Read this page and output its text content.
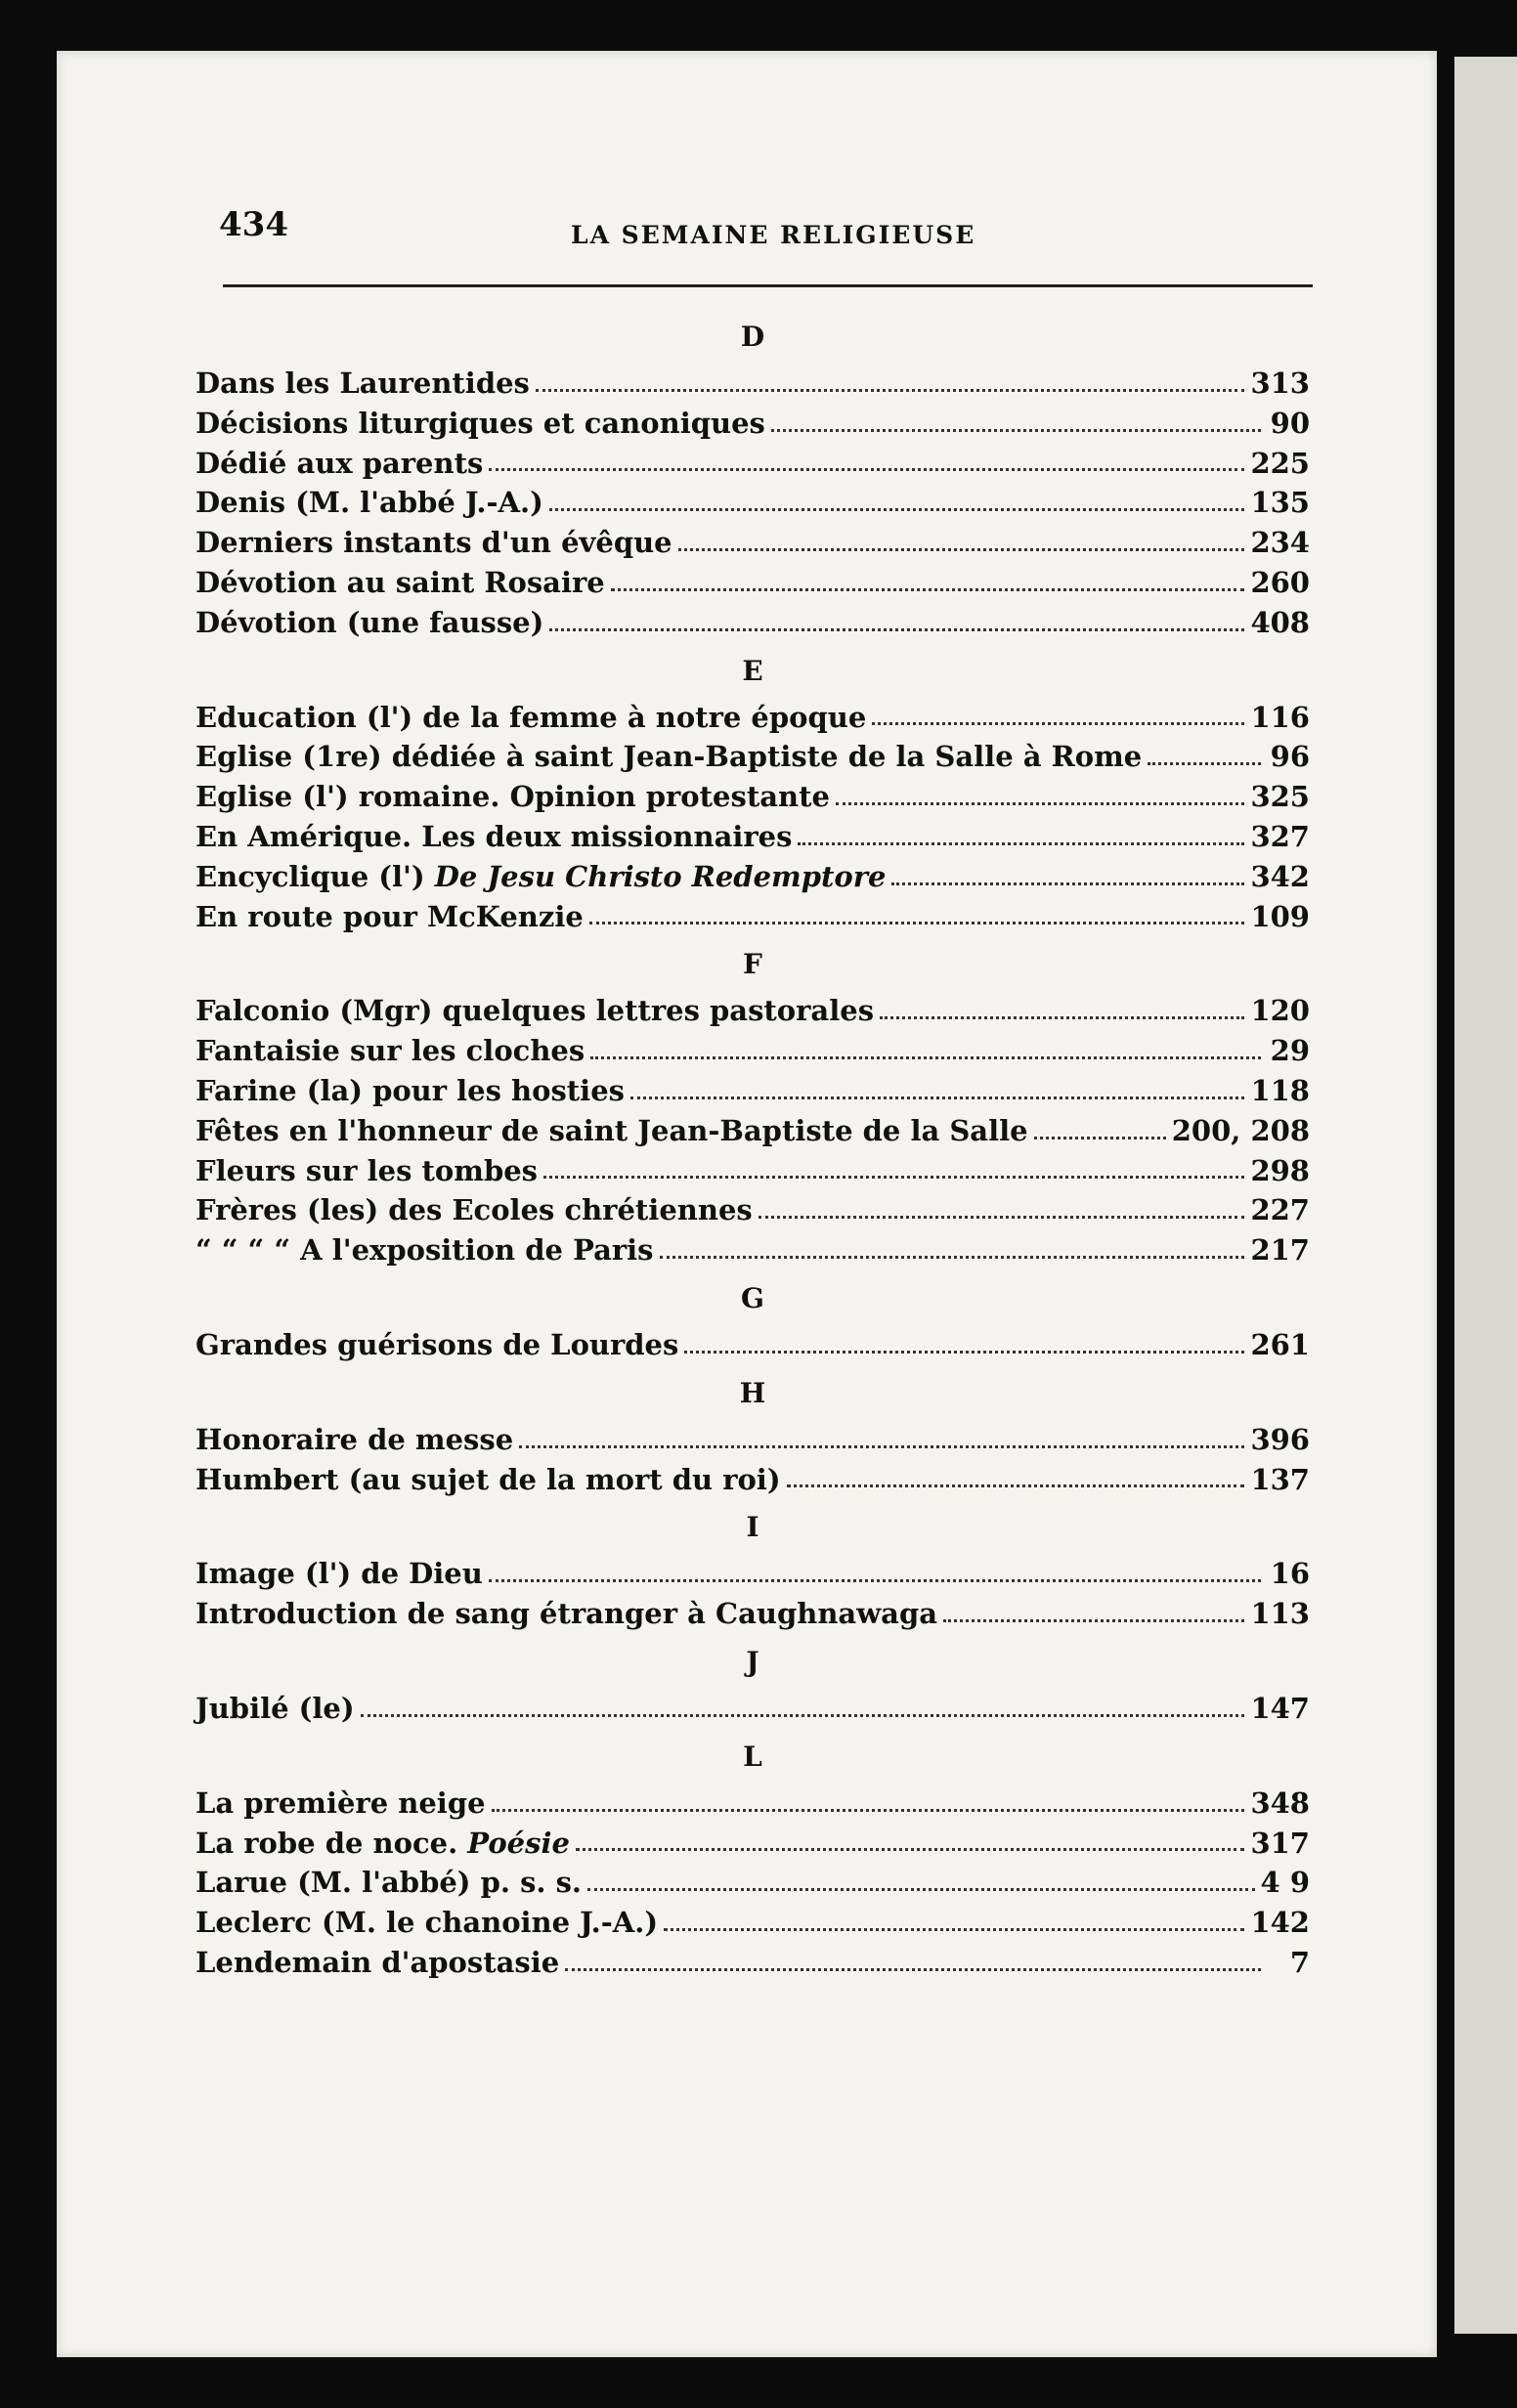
434	LA SEMAINE RELIGIEUSE
D
Dans les Laurentides	313
Décisions liturgiques et canoniques	90
Dédié aux parents	225
Denis (M. l'abbé J.-A.)	135
Derniers instants d'un évêque	234
Dévotion au saint Rosaire	260
Dévotion (une fausse)	408
E
Education (l') de la femme à notre époque	116
Eglise (1re) dédiée à saint Jean-Baptiste de la Salle à Rome	96
Eglise (l') romaine. Opinion protestante	325
En Amérique. Les deux missionnaires	327
Encyclique (l') De Jesu Christo Redemptore	342
En route pour McKenzie	109
F
Falconio (Mgr) quelques lettres pastorales	120
Fantaisie sur les cloches	29
Farine (la) pour les hosties	118
Fêtes en l'honneur de saint Jean-Baptiste de la Salle	200, 208
Fleurs sur les tombes	298
Frères (les) des Ecoles chrétiennes	227
“ “ “ “ A l'exposition de Paris	217
G
Grandes guérisons de Lourdes	261
H
Honoraire de messe	396
Humbert (au sujet de la mort du roi)	137
I
Image (l') de Dieu	16
Introduction de sang étranger à Caughnawaga	113
J
Jubilé (le)	147
L
La première neige	348
La robe de noce. Poésie	317
Larue (M. l'abbé) p. s. s.	4 9
Leclerc (M. le chanoine J.-A.)	142
Lendemain d'apostasie	7
